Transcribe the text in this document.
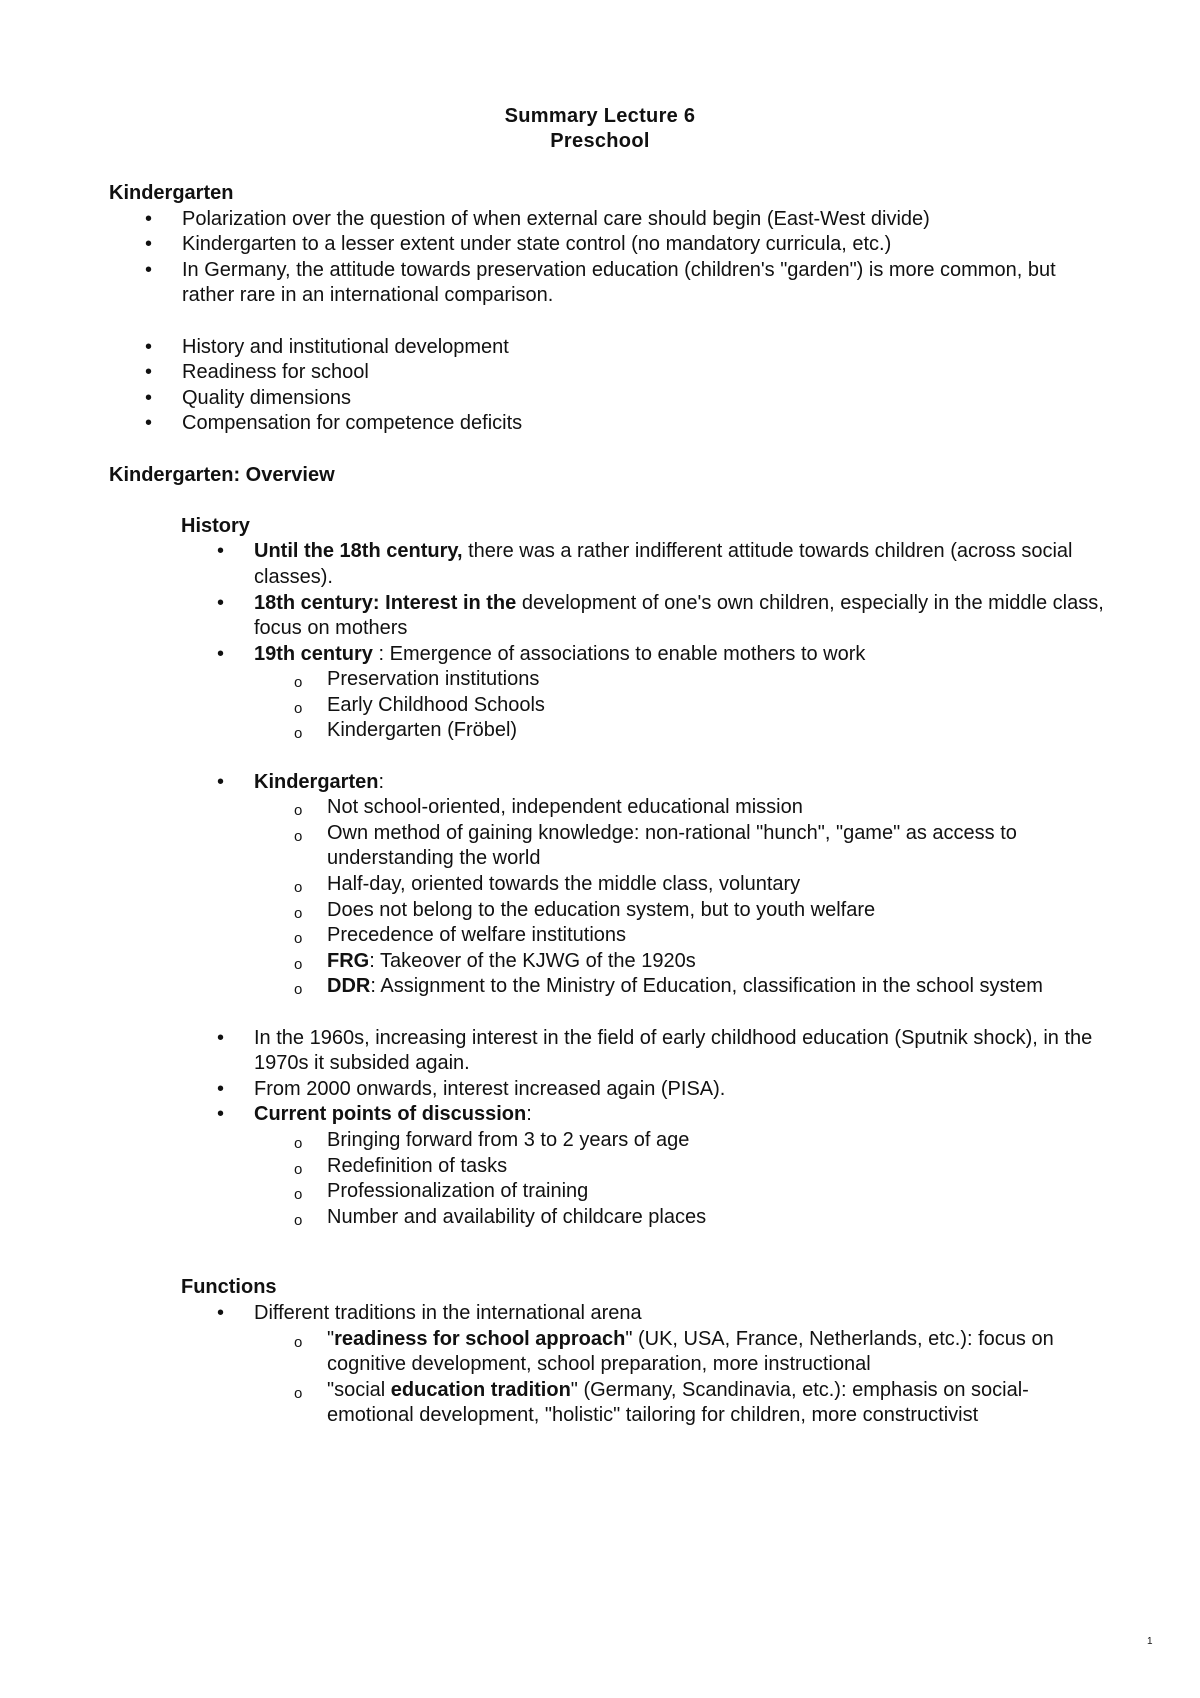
Summary Lecture 6
Preschool

Kindergarten

• Polarization over the question of when external care should begin (East-West divide)
• Kindergarten to a lesser extent under state control (no mandatory curricula, etc.)
• In Germany, the attitude towards preservation education (children's "garden") is more common, but rather rare in an international comparison.
• History and institutional development
• Readiness for school
• Quality dimensions
• Compensation for competence deficits

Kindergarten: Overview

History

• Until the 18th century, there was a rather indifferent attitude towards children (across social classes).
• 18th century: Interest in the development of one's own children, especially in the middle class, focus on mothers
• 19th century : Emergence of associations to enable mothers to work
o Preservation institutions
o Early Childhood Schools
o Kindergarten (Fröbel)
• Kindergarten:
o Not school-oriented, independent educational mission
o Own method of gaining knowledge: non-rational "hunch", "game" as access to understanding the world
o Half-day, oriented towards the middle class, voluntary
o Does not belong to the education system, but to youth welfare
o Precedence of welfare institutions
o FRG: Takeover of the KJWG of the 1920s
o DDR: Assignment to the Ministry of Education, classification in the school system
• In the 1960s, increasing interest in the field of early childhood education (Sputnik shock), in the 1970s it subsided again.
• From 2000 onwards, interest increased again (PISA).
• Current points of discussion:
o Bringing forward from 3 to 2 years of age
o Redefinition of tasks
o Professionalization of training
o Number and availability of childcare places

Functions

• Different traditions in the international arena
o "readiness for school approach" (UK, USA, France, Netherlands, etc.): focus on cognitive development, school preparation, more instructional
o "social education tradition" (Germany, Scandinavia, etc.): emphasis on social-emotional development, "holistic" tailoring for children, more constructivist
1
